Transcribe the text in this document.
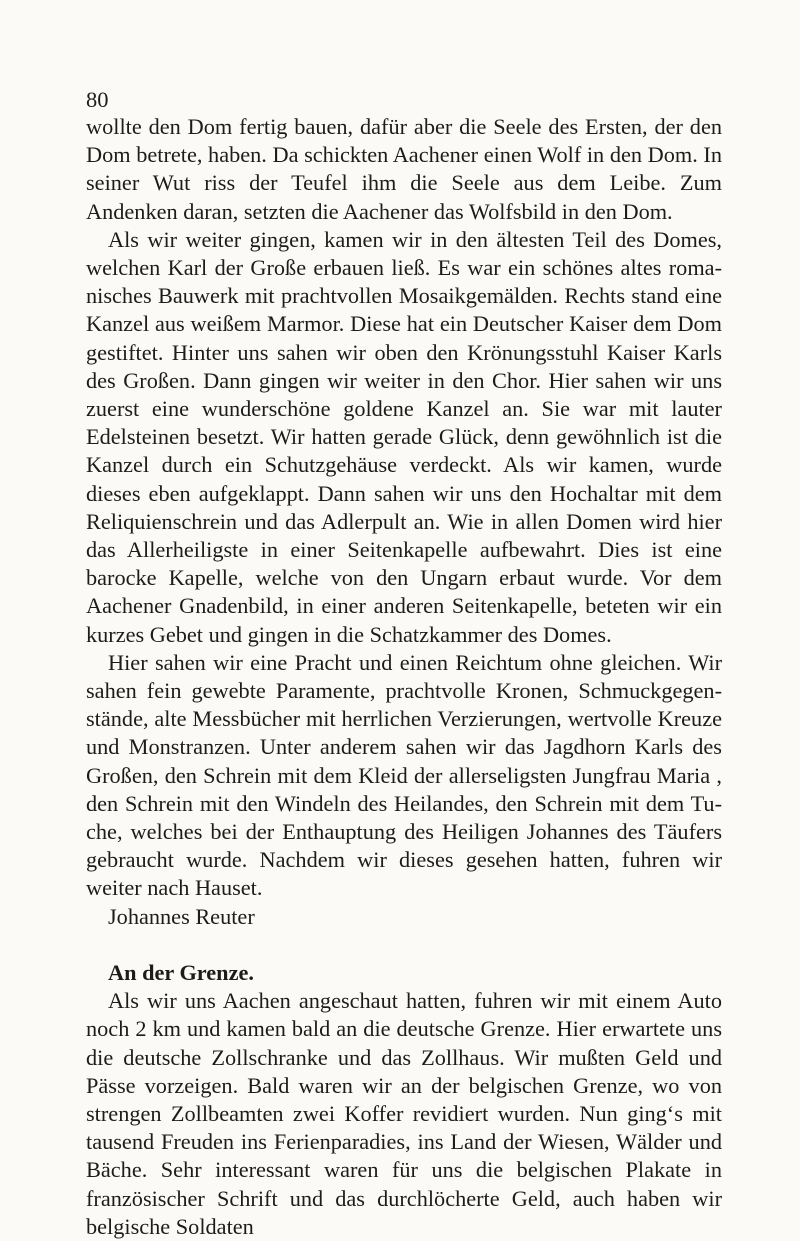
80

wollte den Dom fertig bauen, dafür aber die Seele des Ersten, der den Dom betrete, haben. Da schickten Aachener einen Wolf in den Dom. In seiner Wut riss der Teufel ihm die Seele aus dem Leibe. Zum Andenken daran, setzten die Aachener das Wolfsbild in den Dom.

Als wir weiter gingen, kamen wir in den ältesten Teil des Domes, welchen Karl der Große erbauen ließ. Es war ein schönes altes romanisches Bauwerk mit prachtvollen Mosaikgemälden. Rechts stand eine Kanzel aus weißem Marmor. Diese hat ein Deutscher Kaiser dem Dom gestiftet. Hinter uns sahen wir oben den Krönungsstuhl Kaiser Karls des Großen. Dann gingen wir weiter in den Chor. Hier sahen wir uns zuerst eine wunderschöne goldene Kanzel an. Sie war mit lauter Edelsteinen besetzt. Wir hatten gerade Glück, denn gewöhnlich ist die Kanzel durch ein Schutzgehäuse verdeckt. Als wir kamen, wurde dieses eben aufgeklappt. Dann sahen wir uns den Hochaltar mit dem Reliquienschrein und das Adlerpult an. Wie in allen Domen wird hier das Allerheiligste in einer Seitenkapelle aufbewahrt. Dies ist eine barocke Kapelle, welche von den Ungarn erbaut wurde. Vor dem Aachener Gnadenbild, in einer anderen Seitenkapelle, beteten wir ein kurzes Gebet und gingen in die Schatzkammer des Domes.

Hier sahen wir eine Pracht und einen Reichtum ohne gleichen. Wir sahen fein gewebte Paramente, prachtvolle Kronen, Schmuckgegenstände, alte Messbücher mit herrlichen Verzierungen, wertvolle Kreuze und Monstranzen. Unter anderem sahen wir das Jagdhorn Karls des Großen, den Schrein mit dem Kleid der allerseligsten Jungfrau Maria , den Schrein mit den Windeln des Heilandes, den Schrein mit dem Tuche, welches bei der Enthauptung des Heiligen Johannes des Täufers gebraucht wurde. Nachdem wir dieses gesehen hatten, fuhren wir weiter nach Hauset.

Johannes Reuter

An der Grenze.

Als wir uns Aachen angeschaut hatten, fuhren wir mit einem Auto noch 2 km und kamen bald an die deutsche Grenze. Hier erwartete uns die deutsche Zollschranke und das Zollhaus. Wir mußten Geld und Pässe vorzeigen. Bald waren wir an der belgischen Grenze, wo von strengen Zollbeamten zwei Koffer revidiert wurden. Nun ging‘s mit tausend Freuden ins Ferienparadies, ins Land der Wiesen, Wälder und Bäche. Sehr interessant waren für uns die belgischen Plakate in französischer Schrift und das durchlöcherte Geld, auch haben wir belgische Soldaten
